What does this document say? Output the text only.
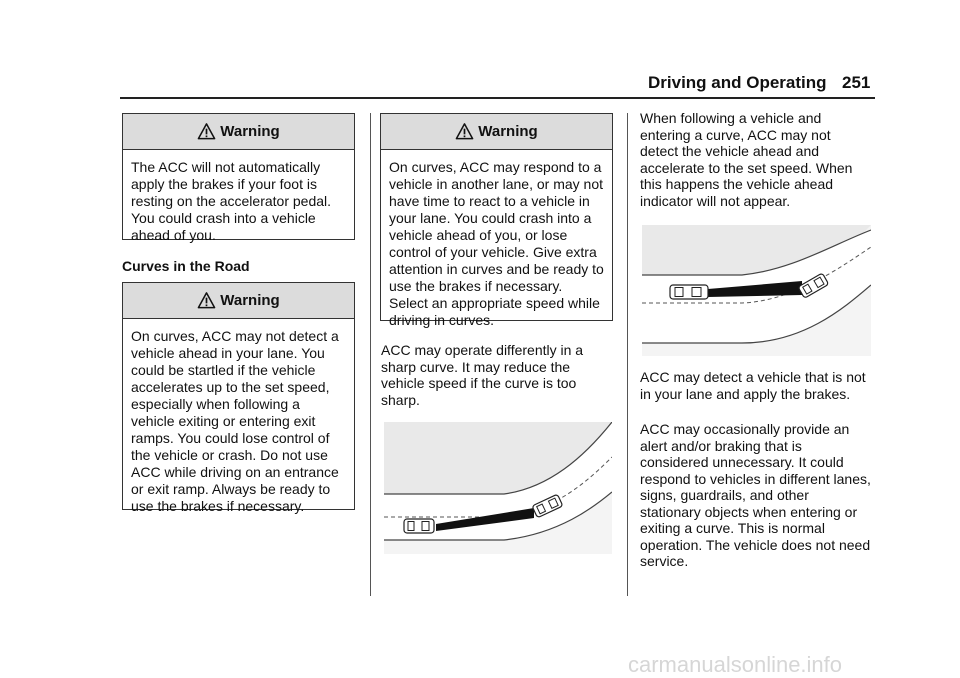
Driving and Operating 251
Warning
The ACC will not automatically apply the brakes if your foot is resting on the accelerator pedal. You could crash into a vehicle ahead of you.
Curves in the Road
Warning
On curves, ACC may not detect a vehicle ahead in your lane. You could be startled if the vehicle accelerates up to the set speed, especially when following a vehicle exiting or entering exit ramps. You could lose control of the vehicle or crash. Do not use ACC while driving on an entrance or exit ramp. Always be ready to use the brakes if necessary.
Warning
On curves, ACC may respond to a vehicle in another lane, or may not have time to react to a vehicle in your lane. You could crash into a vehicle ahead of you, or lose control of your vehicle. Give extra attention in curves and be ready to use the brakes if necessary. Select an appropriate speed while driving in curves.
ACC may operate differently in a sharp curve. It may reduce the vehicle speed if the curve is too sharp.
When following a vehicle and entering a curve, ACC may not detect the vehicle ahead and accelerate to the set speed. When this happens the vehicle ahead indicator will not appear.
ACC may detect a vehicle that is not in your lane and apply the brakes.
ACC may occasionally provide an alert and/or braking that is considered unnecessary. It could respond to vehicles in different lanes, signs, guardrails, and other stationary objects when entering or exiting a curve. This is normal operation. The vehicle does not need service.
carmanualsonline.info
